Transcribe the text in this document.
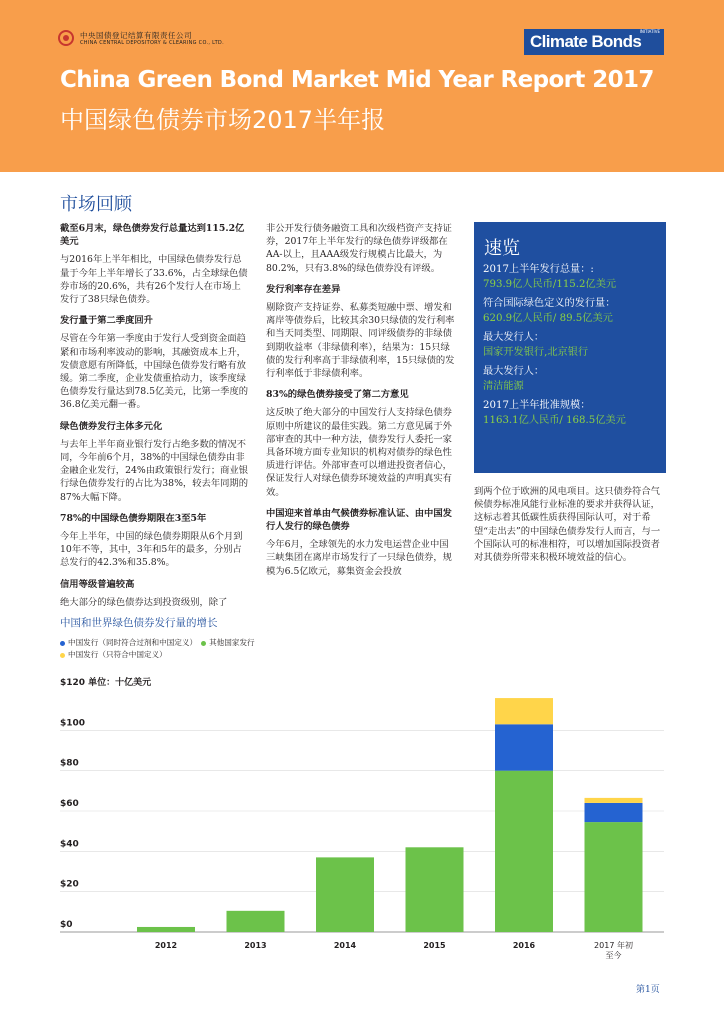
中央国债登记结算有限责任公司
CHINA CENTRAL DEPOSITORY & CLEARING CO., LTD.	Climate Bonds
INITIATIVE
China Green Bond Market Mid Year Report 2017
中国绿色债券市场2017半年报
市场回顾
截至6月末，绿色债券发行总量达到115.2亿美元

与2016年上半年相比，中国绿色债券发行总量于今年上半年增长了33.6%，占全球绿色债券市场的20.6%，共有26个发行人在市场上发行了38只绿色债券。

发行量于第二季度回升

尽管在今年第一季度由于发行人受到资金面趋紧和市场利率波动的影响，其融资成本上升，发债意愿有所降低，中国绿色债券发行略有放缓。第二季度，企业发债重拾动力，该季度绿色债券发行量达到78.5亿美元，比第一季度的36.8亿美元翻一番。

绿色债券发行主体多元化

与去年上半年商业银行发行占绝多数的情况不同，今年前6个月，38%的中国绿色债券由非金融企业发行，24%由政策银行发行；商业银行绿色债券发行的占比为38%，较去年同期的87%大幅下降。

78%的中国绿色债券期限在3至5年

今年上半年，中国的绿色债券期限从6个月到10年不等，其中，3年和5年的最多，分别占总发行的42.3%和35.8%。

信用等级普遍较高

绝大部分的绿色债券达到投资级别，除了

非公开发行债务融资工具和次级档资产支持证券，2017年上半年发行的绿色债券评级都在AA-以上，且AAA级发行规模占比最大，为80.2%，只有3.8%的绿色债券没有评级。

发行利率存在差异

剔除资产支持证券、私募类短融中票、增发和离岸等债券后，比较其余30只绿债的发行利率和当天同类型、同期限、同评级债券的非绿债到期收益率（非绿债利率），结果为：15只绿债的发行利率高于非绿债利率，15只绿债的发行利率低于非绿债利率。

83%的绿色债券接受了第二方意见

这反映了绝大部分的中国发行人支持绿色债券原则中所建议的最佳实践。第二方意见属于外部审查的其中一种方法，债券发行人委托一家具备环境方面专业知识的机构对债券的绿色性质进行评估。外部审查可以增进投资者信心，保证发行人对绿色债券环境效益的声明真实有效。

中国迎来首单由气候债券标准认证、由中国发行人发行的绿色债券

今年6月，全球领先的水力发电运营企业中国三峡集团在离岸市场发行了一只绿色债券，规模为6.5亿欧元，募集资金会投放

到两个位于欧洲的风电项目。这只债券符合气候债券标准风能行业标准的要求并获得认证，这标志着其低碳性质获得国际认可，对于希望“走出去”的中国绿色债券发行人而言，与一个国际认可的标准相符，可以增加国际投资者对其债券所带来积极环境效益的信心。

速览

2017上半年发行总量：:

793.9亿人民币/115.2亿美元

符合国际绿色定义的发行量：

620.9亿人民币/ 89.5亿美元

最大发行人：

国家开发银行,北京银行

最大发行人：

清洁能源

2017上半年批准规模：

1163.1亿人民币/ 168.5亿美元

中国和世界绿色债券发行量的增长
中国发行（同时符合过剂和中国定义） 其他国家发行
中国发行（只符合中国定义）
$0
$20
$40
$60
$80
$100
$120 单位：十亿美元
2012	2013	2014	2015	2016	2017 年初至今
第1页
